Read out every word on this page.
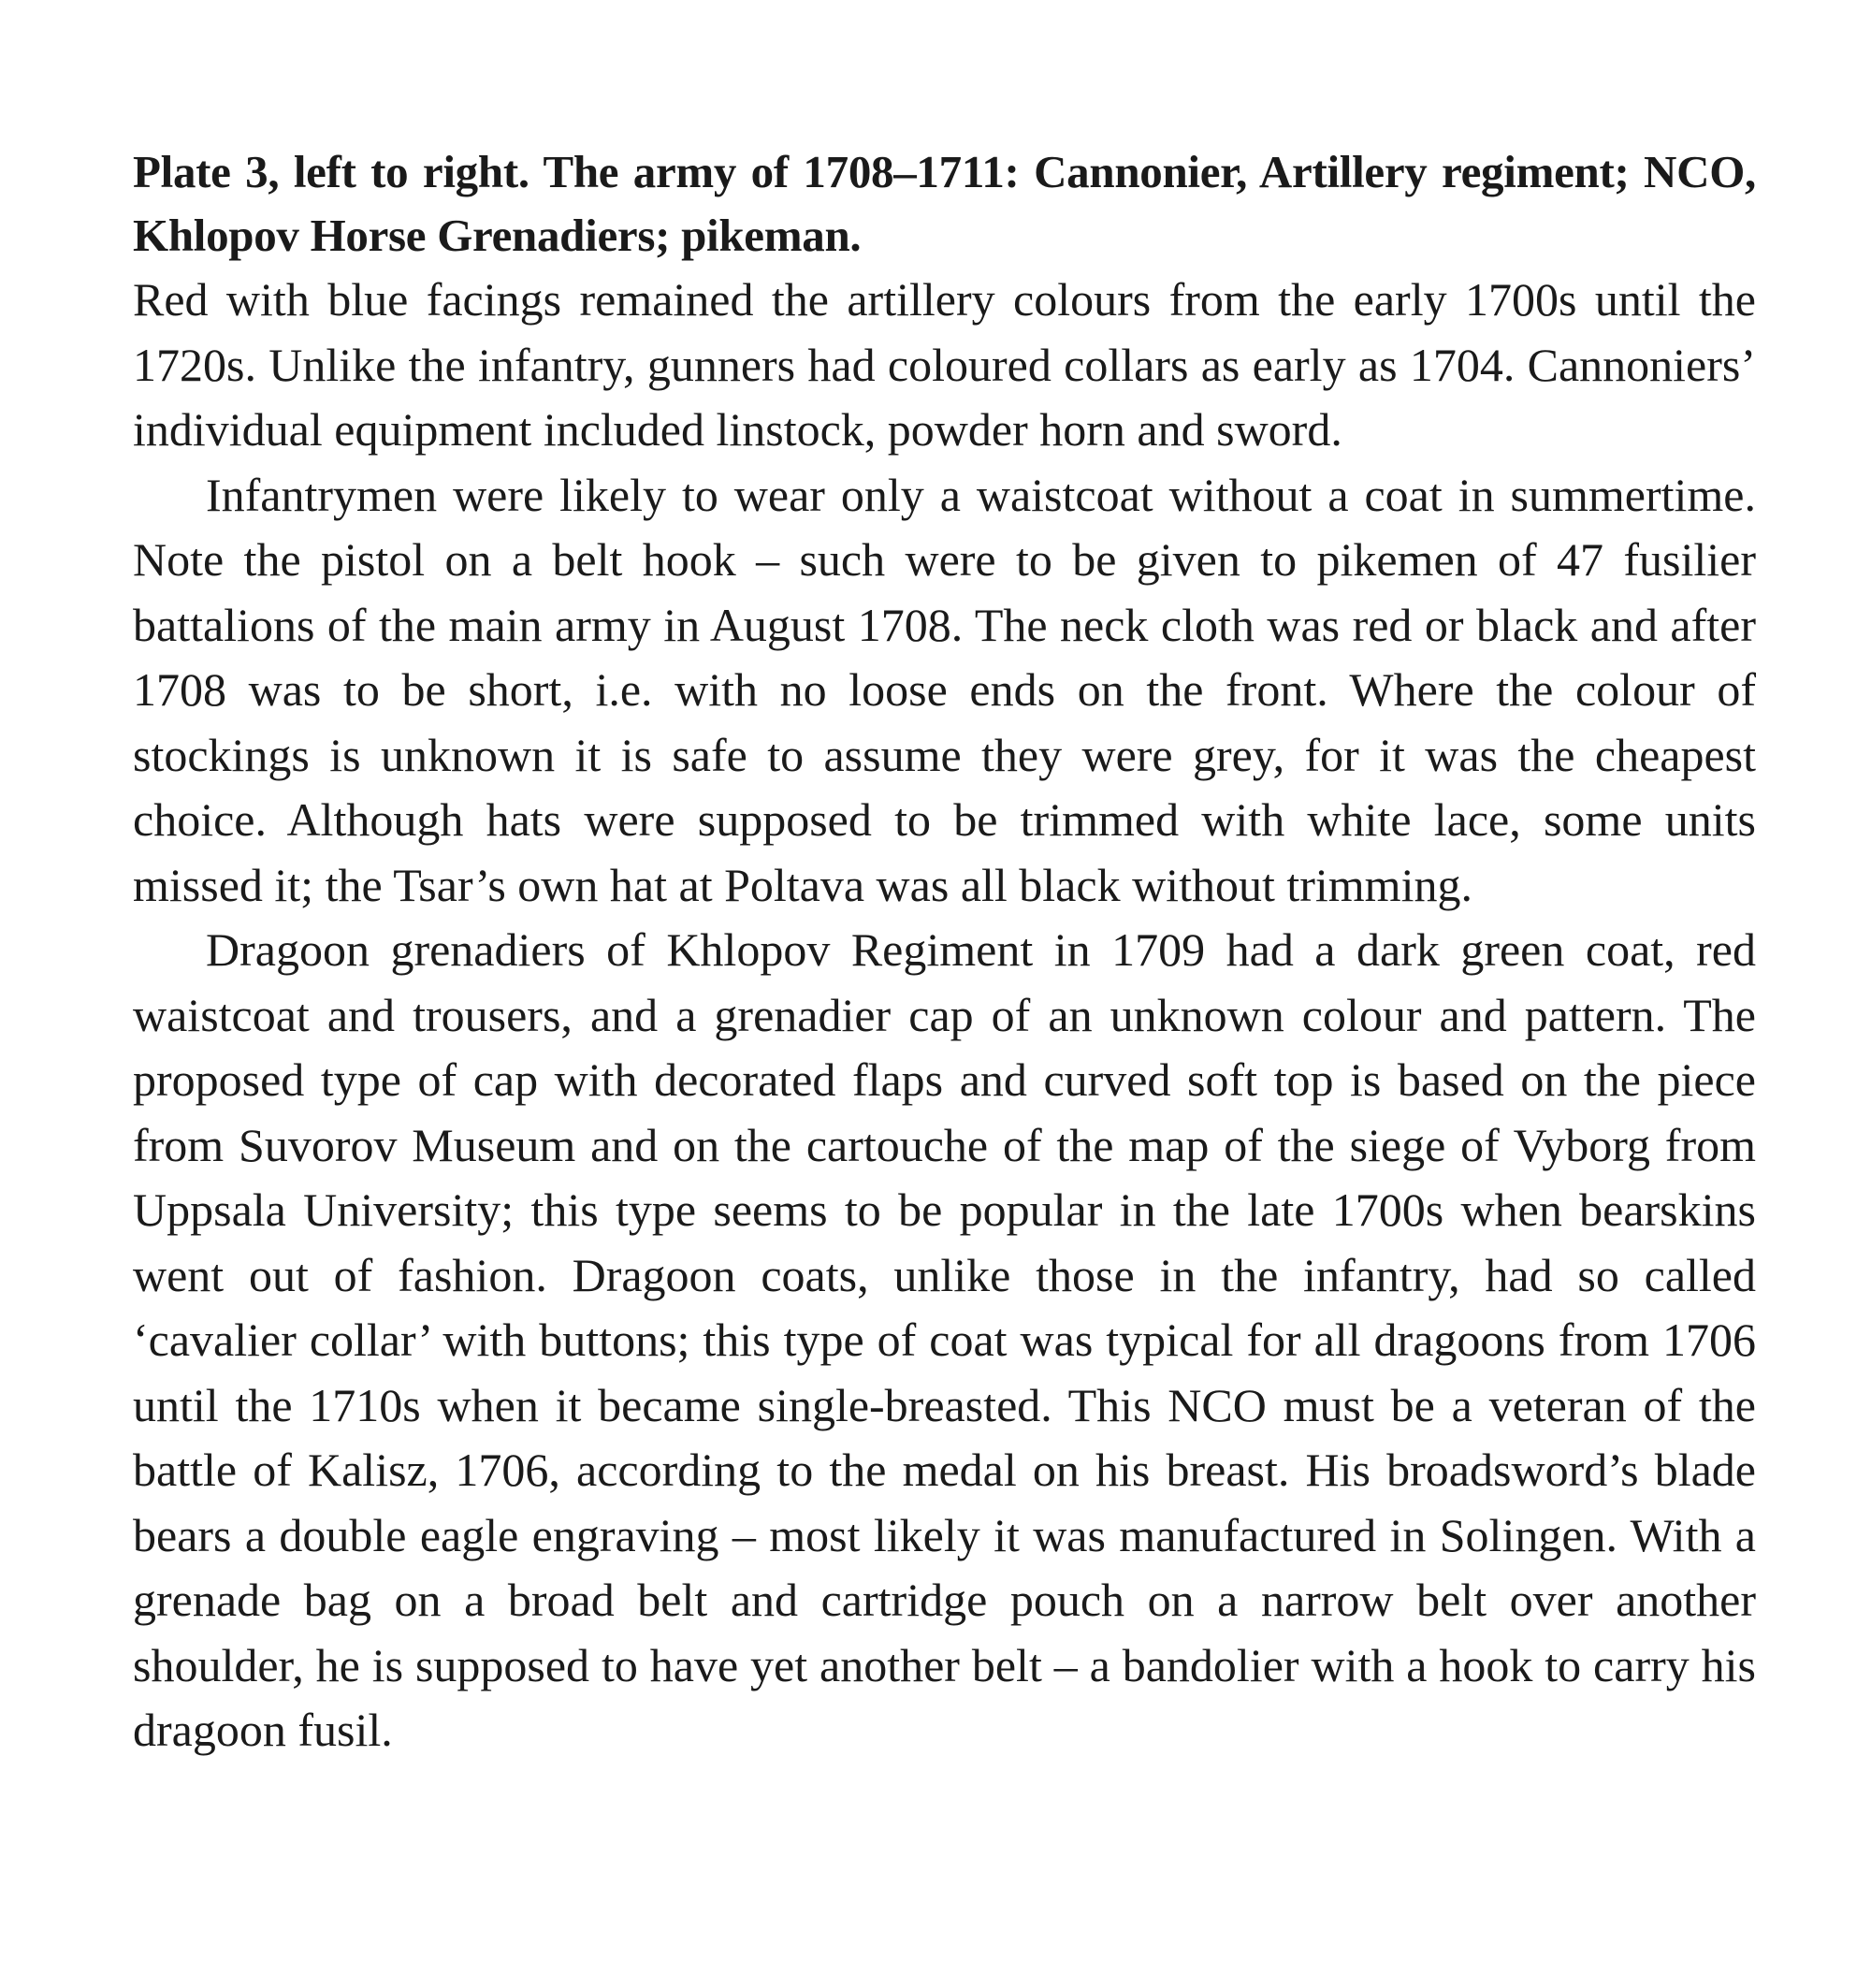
Plate 3, left to right. The army of 1708–1711: Cannonier, Artillery regiment; NCO, Khlopov Horse Grenadiers; pikeman.

Red with blue facings remained the artillery colours from the early 1700s until the 1720s. Unlike the infantry, gunners had coloured collars as early as 1704. Cannoniers’ individual equipment included linstock, powder horn and sword.

Infantrymen were likely to wear only a waistcoat without a coat in summertime. Note the pistol on a belt hook – such were to be given to pikemen of 47 fusilier battalions of the main army in August 1708. The neck cloth was red or black and after 1708 was to be short, i.e. with no loose ends on the front. Where the colour of stockings is unknown it is safe to assume they were grey, for it was the cheapest choice. Although hats were supposed to be trimmed with white lace, some units missed it; the Tsar’s own hat at Poltava was all black without trimming.

Dragoon grenadiers of Khlopov Regiment in 1709 had a dark green coat, red waistcoat and trousers, and a grenadier cap of an unknown colour and pattern. The proposed type of cap with decorated flaps and curved soft top is based on the piece from Suvorov Museum and on the cartouche of the map of the siege of Vyborg from Uppsala University; this type seems to be popular in the late 1700s when bearskins went out of fashion. Dragoon coats, unlike those in the infantry, had so called ‘cavalier collar’ with buttons; this type of coat was typical for all dragoons from 1706 until the 1710s when it became single-breasted. This NCO must be a veteran of the battle of Kalisz, 1706, according to the medal on his breast. His broadsword’s blade bears a double eagle engraving – most likely it was manufactured in Solingen. With a grenade bag on a broad belt and cartridge pouch on a narrow belt over another shoulder, he is supposed to have yet another belt – a bandolier with a hook to carry his dragoon fusil.
